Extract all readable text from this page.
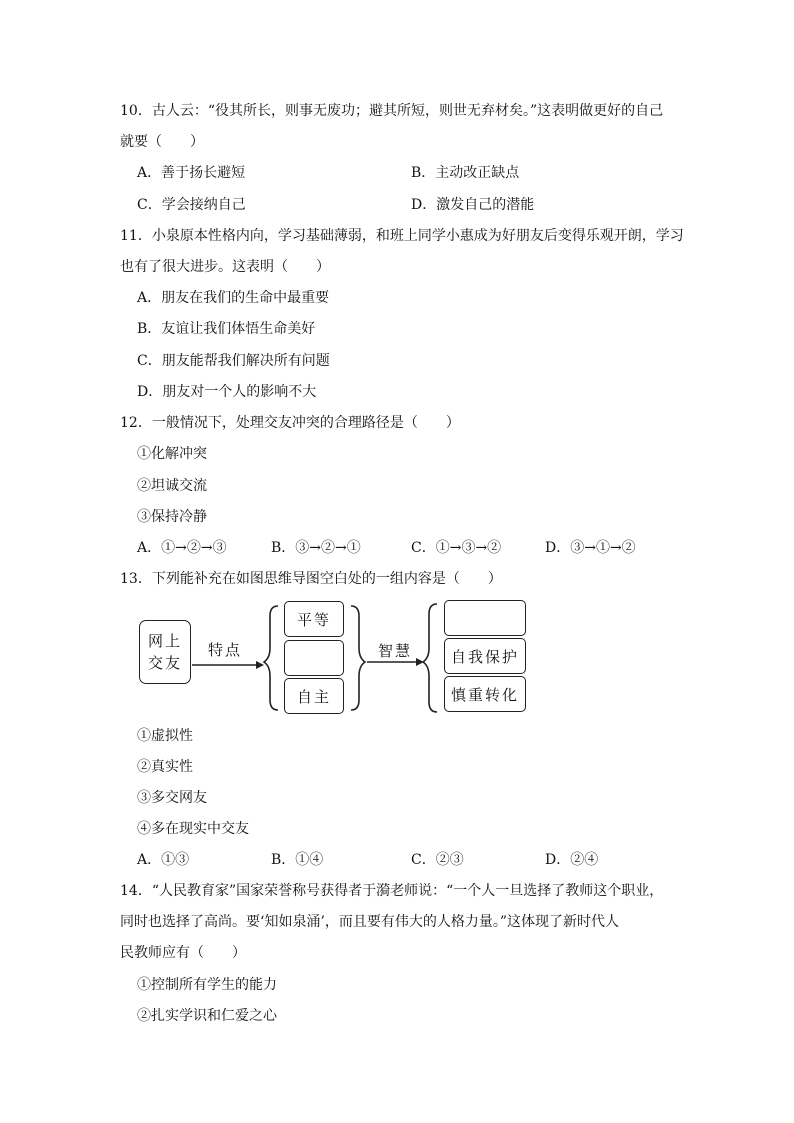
10．古人云：“役其所长，则事无废功；避其所短，则世无弃材矣。”这表明做更好的自己
就要（　　）
A．善于扬长避短	B．主动改正缺点
C．学会接纳自己	D．激发自己的潜能
11．小泉原本性格内向，学习基础薄弱，和班上同学小惠成为好朋友后变得乐观开朗，学习
也有了很大进步。这表明（　　）
A．朋友在我们的生命中最重要
B．友谊让我们体悟生命美好
C．朋友能帮我们解决所有问题
D．朋友对一个人的影响不大
12．一般情况下，处理交友冲突的合理路径是（　　）
①化解冲突
②坦诚交流
③保持冷静
A．①→②→③	B．③→②→①	C．①→③→②	D．③→①→②
13．下列能补充在如图思维导图空白处的一组内容是（　　）
网上交友
特点
平等
自主
智慧	自我保护
慎重转化
①虚拟性
②真实性
③多交网友
④多在现实中交友
A．①③	B．①④	C．②③	D．②④
14．“人民教育家”国家荣誉称号获得者于漪老师说：“一个人一旦选择了教师这个职业，
同时也选择了高尚。要‘知如泉涌’，而且要有伟大的人格力量。”这体现了新时代人
民教师应有（　　）
①控制所有学生的能力
②扎实学识和仁爱之心
